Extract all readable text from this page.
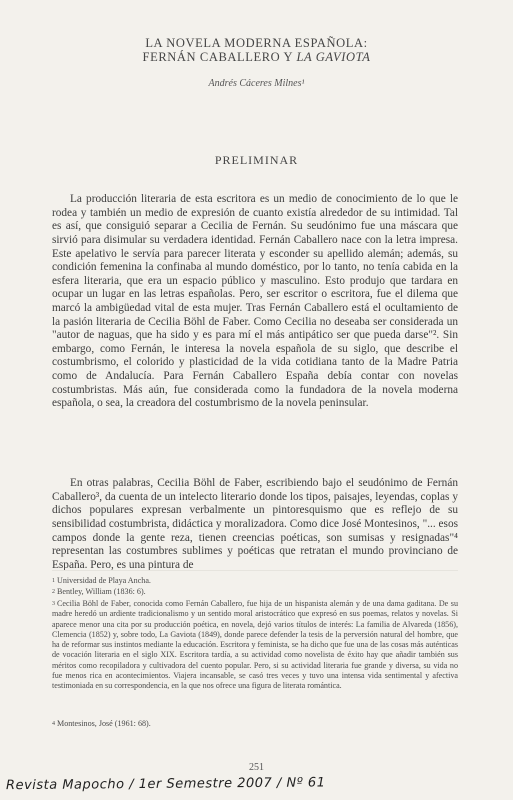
LA NOVELA MODERNA ESPAÑOLA:
FERNÁN CABALLERO Y LA GAVIOTA
Andrés Cáceres Milnes¹
PRELIMINAR

La producción literaria de esta escritora es un medio de conocimiento de lo que le rodea y también un medio de expresión de cuanto existía alrededor de su intimidad. Tal es así, que consiguió separar a Cecilia de Fernán. Su seudónimo fue una máscara que sirvió para disimular su verdadera identidad. Fernán Caballero nace con la letra impresa. Este apelativo le servía para parecer literata y esconder su apellido alemán; además, su condición femenina la confinaba al mundo doméstico, por lo tanto, no tenía cabida en la esfera literaria, que era un espacio público y masculino. Esto produjo que tardara en ocupar un lugar en las letras españolas. Pero, ser escritor o escritora, fue el dilema que marcó la ambigüedad vital de esta mujer. Tras Fernán Caballero está el ocultamiento de la pasión literaria de Cecilia Böhl de Faber. Como Cecilia no deseaba ser considerada un "autor de naguas, que ha sido y es para mí el más antipático ser que pueda darse"². Sin embargo, como Fernán, le interesa la novela española de su siglo, que describe el costumbrismo, el colorido y plasticidad de la vida cotidiana tanto de la Madre Patria como de Andalucía. Para Fernán Caballero España debía contar con novelas costumbristas. Más aún, fue considerada como la fundadora de la novela moderna española, o sea, la creadora del costumbrismo de la novela peninsular.

En otras palabras, Cecilia Böhl de Faber, escribiendo bajo el seudónimo de Fernán Caballero³, da cuenta de un intelecto literario donde los tipos, paisajes, leyendas, coplas y dichos populares expresan verbalmente un pintoresquismo que es reflejo de su sensibilidad costumbrista, didáctica y moralizadora. Como dice José Montesinos, "... esos campos donde la gente reza, tienen creencias poéticas, son sumisas y resignadas"⁴ representan las costumbres sublimes y poéticas que retratan el mundo provinciano de España. Pero, es una pintura de

$^1$ Universidad de Playa Ancha.
$^2$ Bentley, William (1836: 6).
$^3$ Cecilia Böhl de Faber, conocida como Fernán Caballero, fue hija de un hispanista alemán y de una dama gaditana. De su madre heredó un ardiente tradicionalismo y un sentido moral aristocrático que expresó en sus poemas, relatos y novelas. Si aparece menor una cita por su producción poética, en novela, dejó varios títulos de interés: La familia de Alvareda (1856), Clemencia (1852) y, sobre todo, La Gaviota (1849), donde parece defender la tesis de la perversión natural del hombre, que ha de reformar sus instintos mediante la educación. Escritora y feminista, se ha dicho que fue una de las cosas más auténticas de vocación literaria en el siglo XIX. Escritora tardía, a su actividad como novelista de éxito hay que añadir también sus méritos como recopiladora y cultivadora del cuento popular. Pero, si su actividad literaria fue grande y diversa, su vida no fue menos rica en acontecimientos. Viajera incansable, se casó tres veces y tuvo una intensa vida sentimental y afectiva testimoniada en su correspondencia, en la que nos ofrece una figura de literata romántica.
$^4$ Montesinos, José (1961: 68).
251
Revista Mapocho / 1er Semestre 2007 / Nº 61
